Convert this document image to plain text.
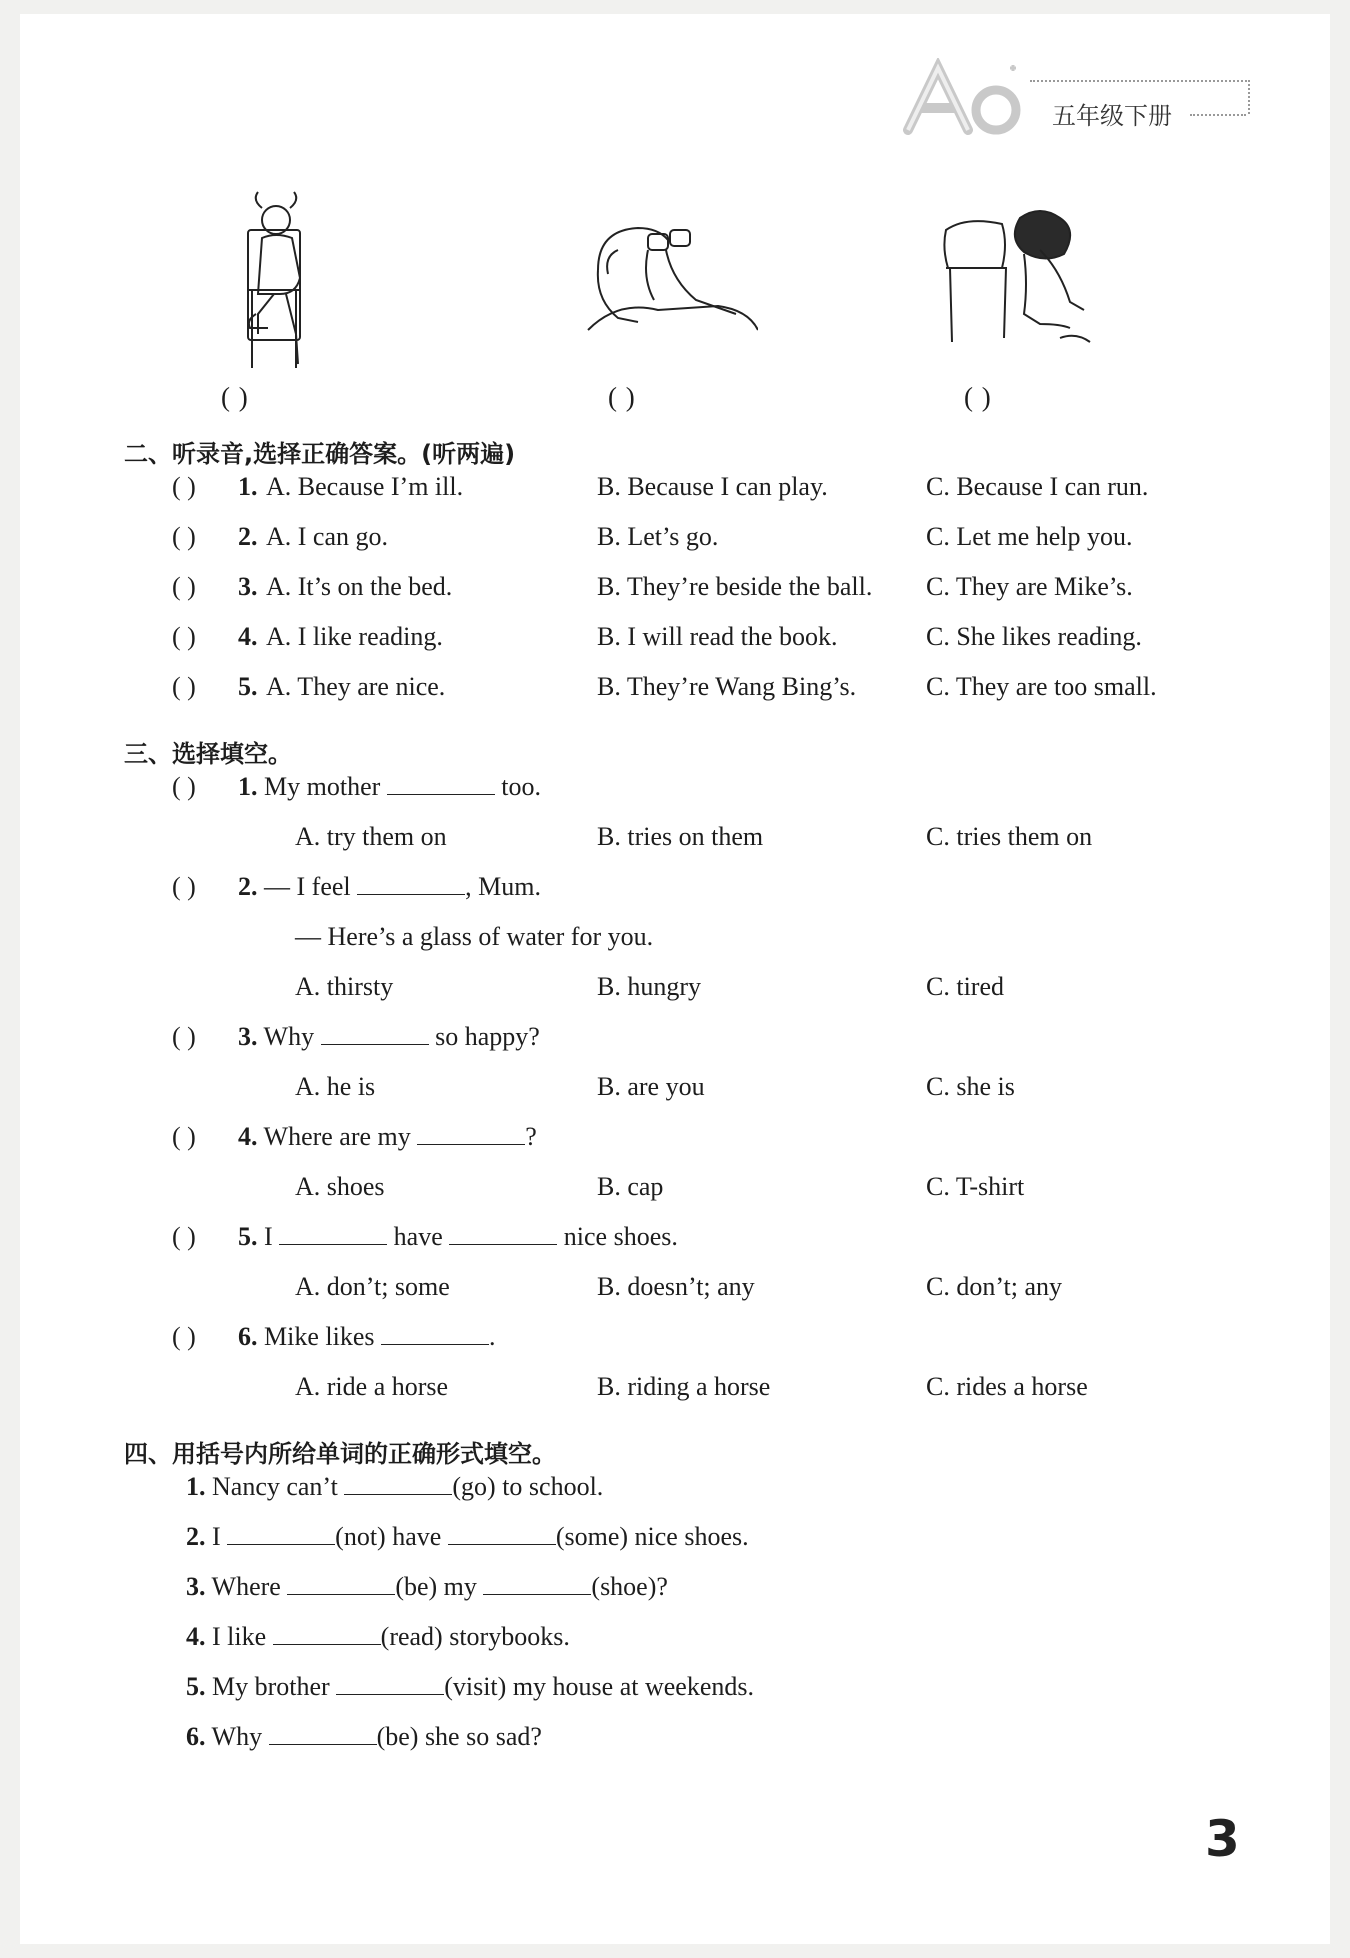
五年级下册
( )	( )	( )
二、听录音,选择正确答案。(听两遍)
( ) 1. A. Because I’m ill.	B. Because I can play.	C. Because I can run.
( ) 2. A. I can go.	B. Let’s go.	C. Let me help you.
( ) 3. A. It’s on the bed.	B. They’re beside the ball. C. They are Mike’s.
( ) 4. A. I like reading.	B. I will read the book.	C. She likes reading.
( ) 5. A. They are nice.	B. They’re Wang Bing’s.	C. They are too small.
三、选择填空。
( ) 1. My mother	too.
A. try them on	B. tries on them	C. tries them on
( ) 2. — I feel	, Mum.
— Here’s a glass of water for you.
A. thirsty	B. hungry	C. tired
( ) 3. Why	so happy?
A. he is	B. are you	C. she is
( ) 4. Where are my	?
A. shoes	B. cap	C. T-shirt
( ) 5. I	have	nice shoes.
A. don’t; some	B. doesn’t; any	C. don’t; any
( ) 6. Mike likes	.
A. ride a horse	B. riding a horse	C. rides a horse
四、用括号内所给单词的正确形式填空。
1. Nancy can’t	(go) to school.
2. I	(not) have	(some) nice shoes.
3. Where	(be) my	(shoe)?
4. I like	(read) storybooks.
5. My brother	(visit) my house at weekends.
6. Why	(be) she so sad?
3
